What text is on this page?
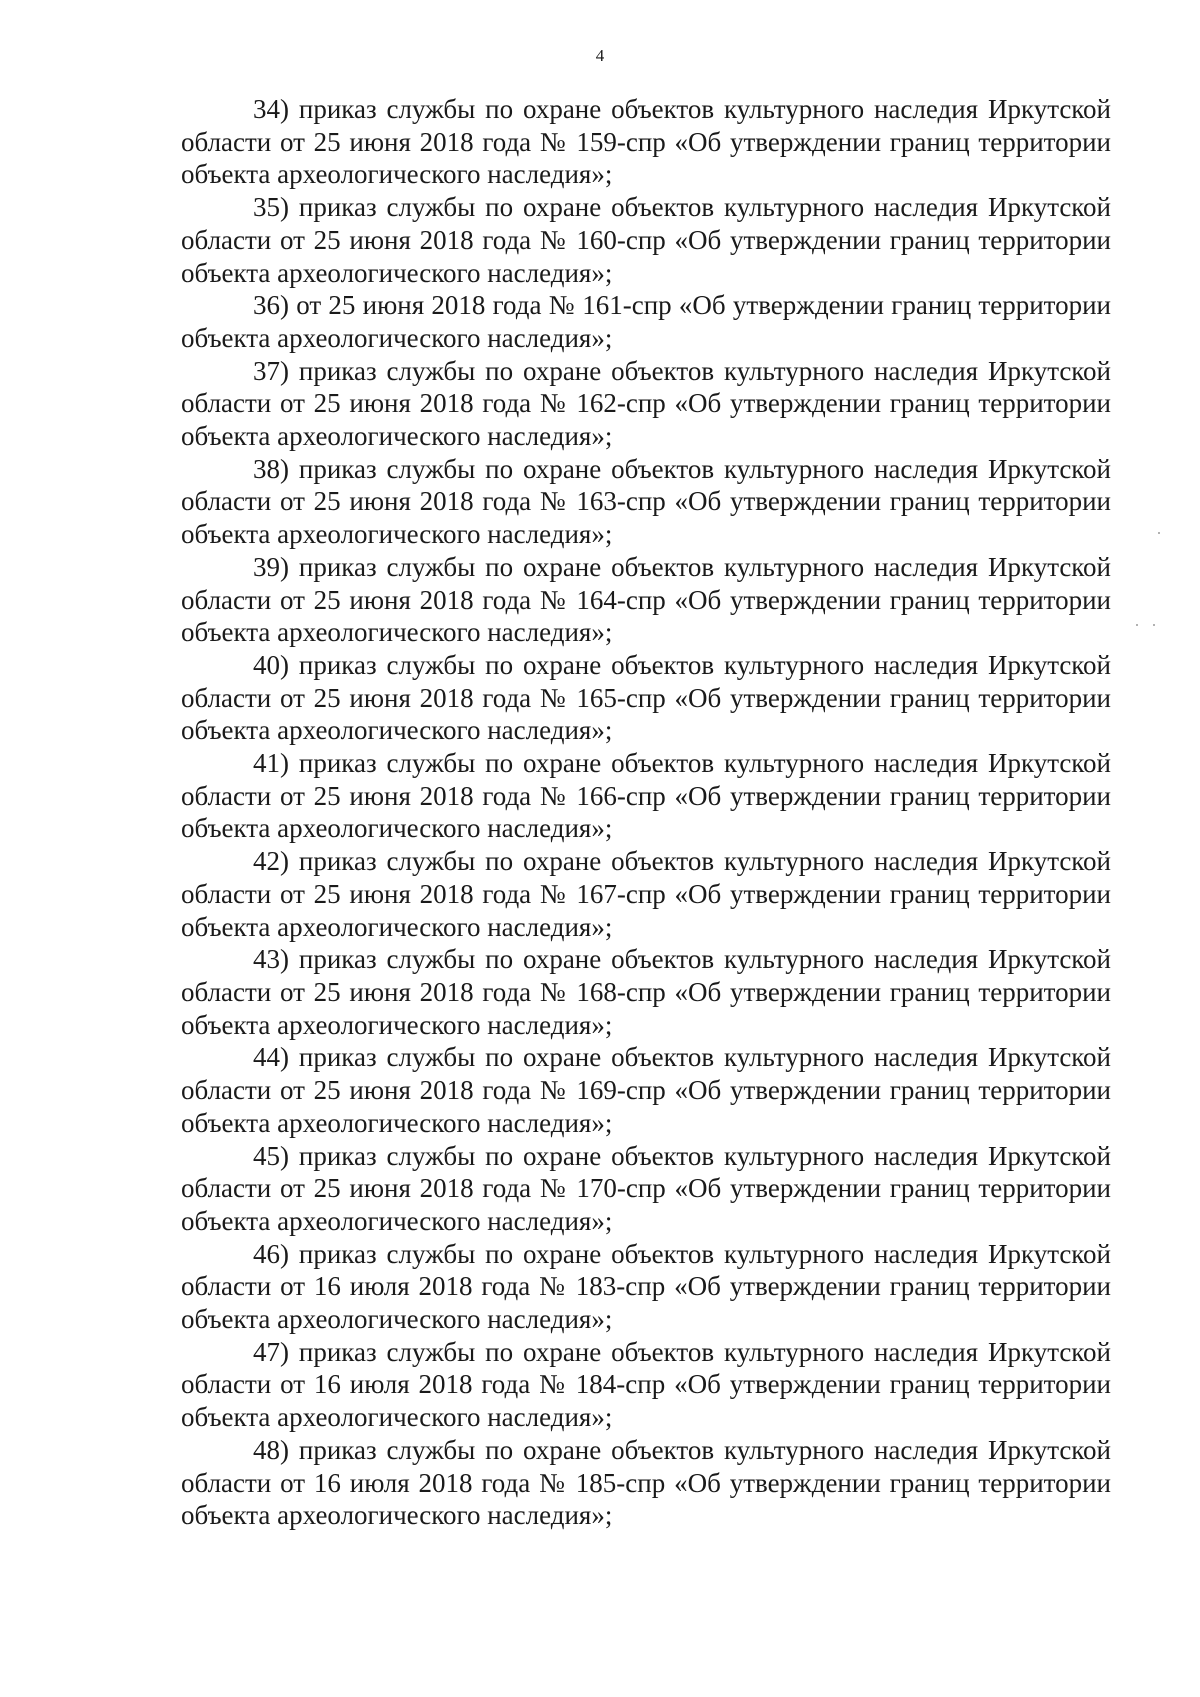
4

34) приказ службы по охране объектов культурного наследия Иркутской области от 25 июня 2018 года № 159-спр «Об утверждении границ территории объекта археологического наследия»;

35) приказ службы по охране объектов культурного наследия Иркутской области от 25 июня 2018 года № 160-спр «Об утверждении границ территории объекта археологического наследия»;

36) от 25 июня 2018 года № 161-спр «Об утверждении границ территории объекта археологического наследия»;

37) приказ службы по охране объектов культурного наследия Иркутской области от 25 июня 2018 года № 162-спр «Об утверждении границ территории объекта археологического наследия»;

38) приказ службы по охране объектов культурного наследия Иркутской области от 25 июня 2018 года № 163-спр «Об утверждении границ территории объекта археологического наследия»;

39) приказ службы по охране объектов культурного наследия Иркутской области от 25 июня 2018 года № 164-спр «Об утверждении границ территории объекта археологического наследия»;

40) приказ службы по охране объектов культурного наследия Иркутской области от 25 июня 2018 года № 165-спр «Об утверждении границ территории объекта археологического наследия»;

41) приказ службы по охране объектов культурного наследия Иркутской области от 25 июня 2018 года № 166-спр «Об утверждении границ территории объекта археологического наследия»;

42) приказ службы по охране объектов культурного наследия Иркутской области от 25 июня 2018 года № 167-спр «Об утверждении границ территории объекта археологического наследия»;

43) приказ службы по охране объектов культурного наследия Иркутской области от 25 июня 2018 года № 168-спр «Об утверждении границ территории объекта археологического наследия»;

44) приказ службы по охране объектов культурного наследия Иркутской области от 25 июня 2018 года № 169-спр «Об утверждении границ территории объекта археологического наследия»;

45) приказ службы по охране объектов культурного наследия Иркутской области от 25 июня 2018 года № 170-спр «Об утверждении границ территории объекта археологического наследия»;

46) приказ службы по охране объектов культурного наследия Иркутской области от 16 июля 2018 года № 183-спр «Об утверждении границ территории объекта археологического наследия»;

47) приказ службы по охране объектов культурного наследия Иркутской области от 16 июля 2018 года № 184-спр «Об утверждении границ территории объекта археологического наследия»;

48) приказ службы по охране объектов культурного наследия Иркутской области от 16 июля 2018 года № 185-спр «Об утверждении границ территории объекта археологического наследия»;
